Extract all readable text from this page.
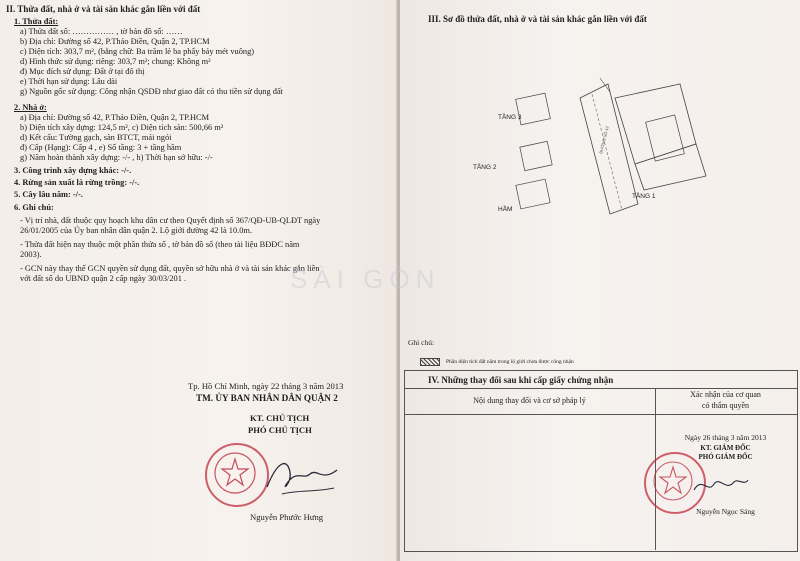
II. Thửa đất, nhà ở và tài sản khác gắn liền với đất
1. Thửa đất:
a) Thửa đất số: …………… , tờ bản đồ số: ……
b) Địa chỉ: Đường số 42, P.Thảo Điền, Quận 2, TP.HCM
c) Diện tích: 303,7 m², (bằng chữ: Ba trăm lẻ ba phẩy bảy mét vuông)
d) Hình thức sử dụng: riêng: 303,7 m²; chung: Không m²
đ) Mục đích sử dụng: Đất ở tại đô thị
e) Thời hạn sử dụng: Lâu dài
g) Nguồn gốc sử dụng: Công nhận QSDĐ như giao đất có thu tiền sử dụng đất
2. Nhà ở:
a) Địa chỉ: Đường số 42, P.Thảo Điền, Quận 2, TP.HCM
b) Diện tích xây dựng: 124,5 m², c) Diện tích sàn: 500,66 m²
d) Kết cấu: Tường gạch, sàn BTCT, mái ngói
đ) Cấp (Hạng): Cấp 4 , e) Số tầng: 3 + tầng hầm
g) Năm hoàn thành xây dựng: -/- , h) Thời hạn sở hữu: -/-
3. Công trình xây dựng khác: -/-.
4. Rừng sản xuất là rừng trồng: -/-.
5. Cây lâu năm: -/-.
6. Ghi chú:
- Vị trí nhà, đất thuộc quy hoạch khu dân cư theo Quyết định số 367/QĐ-UB-QLĐT ngày
26/01/2005 của Ủy ban nhân dân quận 2. Lộ giới đường 42 là 10.0m.
- Thửa đất hiện nay thuộc một phần thửa số , tờ bản đồ số (theo tài liệu BĐĐC năm
2003).
- GCN này thay thế GCN quyền sử dụng đất, quyền sở hữu nhà ở và tài sản khác gắn liền
với đất số do UBND quận 2 cấp ngày 30/03/201 .
Tp. Hồ Chí Minh, ngày 22 tháng 3 năm 2013
TM. ỦY BAN NHÂN DÂN QUẬN 2
KT. CHỦ TỊCH
PHÓ CHỦ TỊCH
Nguyễn Phước Hưng
III. Sơ đồ thửa đất, nhà ở và tài sản khác gắn liền với đất
ĐƯỜNG SỐ 42
TẦNG 3
TẦNG 2
HẦM
TẦNG 1
SÀI GÒN
Ghi chú:
Phần diện tích đất nằm trong lộ giới chưa được công nhận
IV. Những thay đổi sau khi cấp giấy chứng nhận
Nội dung thay đổi và cơ sở pháp lý
Xác nhận của cơ quan
có thẩm quyền
Ngày 26 tháng 3 năm 2013
KT. GIÁM ĐỐC
PHÓ GIÁM ĐỐC
Nguyễn Ngọc Sáng
